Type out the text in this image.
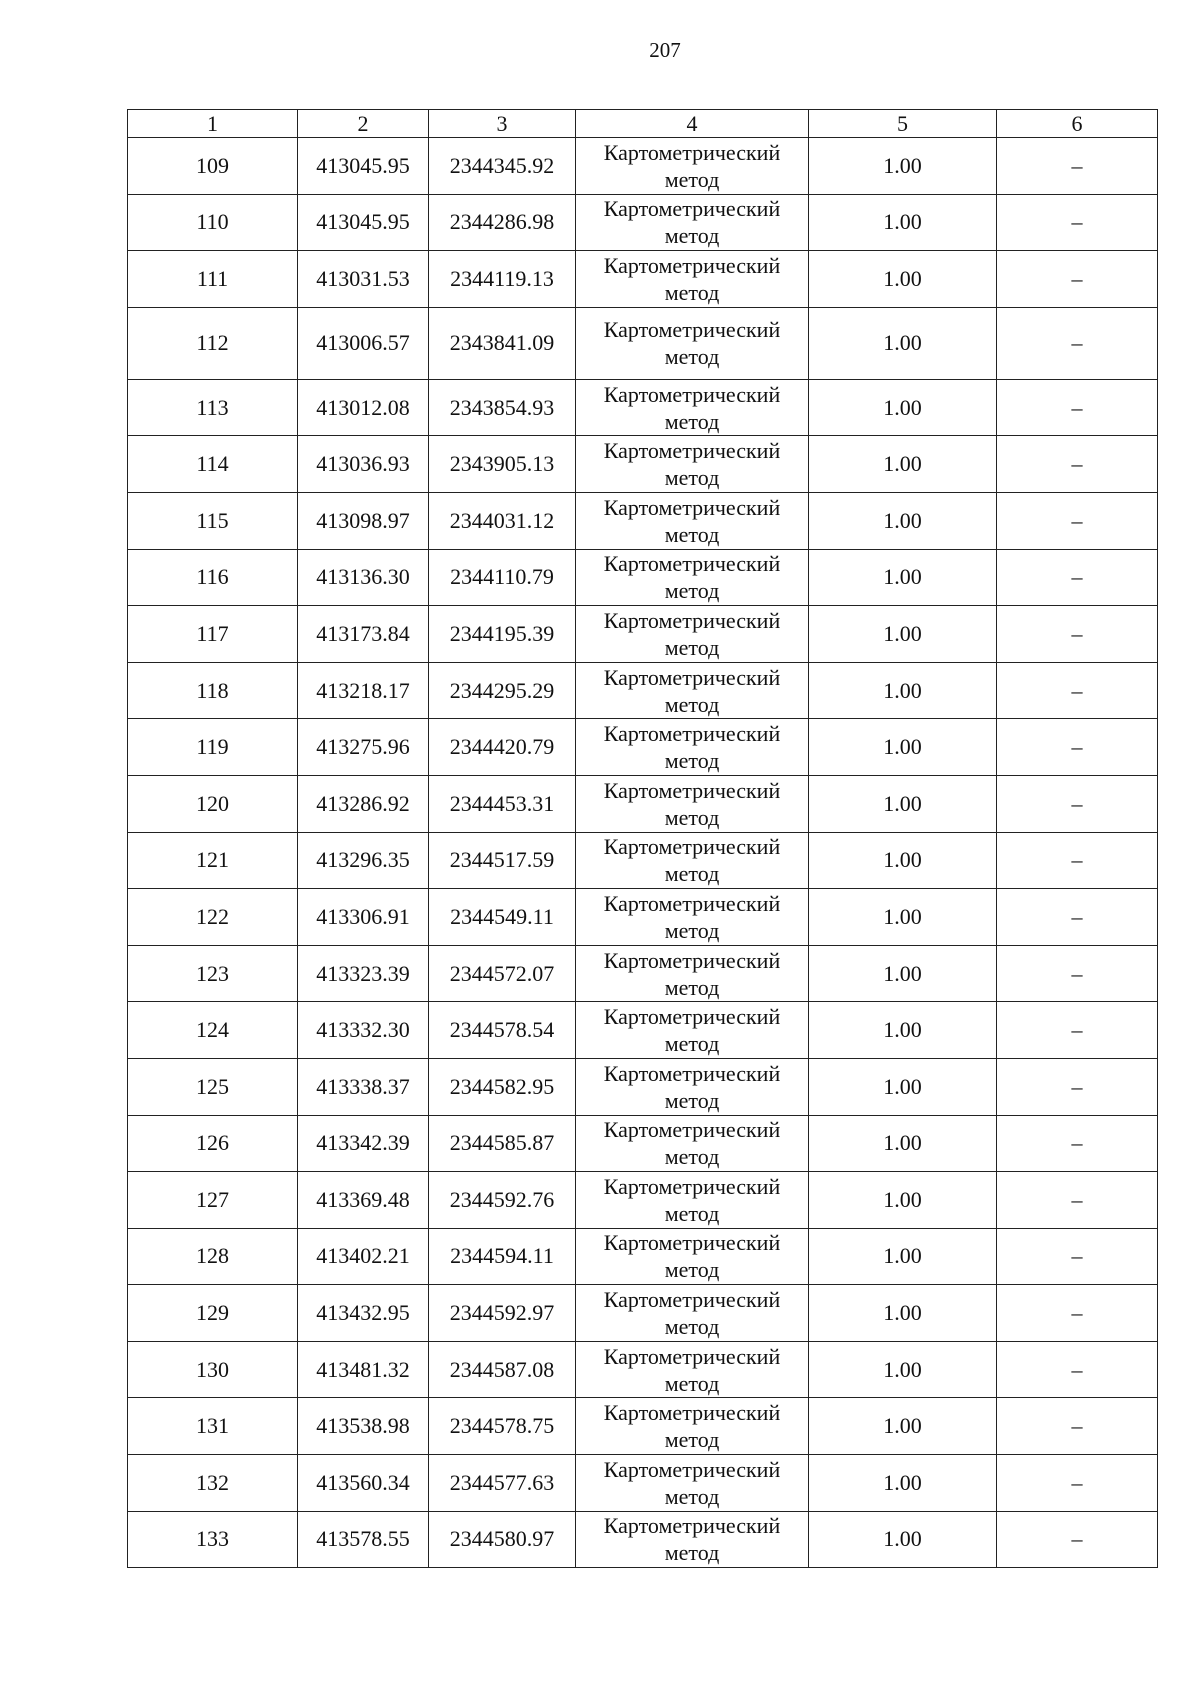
207
1	2	3	4	5	6
109	413045.95	2344345.92	Картометрический метод	1.00	–
110	413045.95	2344286.98	Картометрический метод	1.00	–
111	413031.53	2344119.13	Картометрический метод	1.00	–
112	413006.57	2343841.09	Картометрический метод	1.00	–
113	413012.08	2343854.93	Картометрический метод	1.00	–
114	413036.93	2343905.13	Картометрический метод	1.00	–
115	413098.97	2344031.12	Картометрический метод	1.00	–
116	413136.30	2344110.79	Картометрический метод	1.00	–
117	413173.84	2344195.39	Картометрический метод	1.00	–
118	413218.17	2344295.29	Картометрический метод	1.00	–
119	413275.96	2344420.79	Картометрический метод	1.00	–
120	413286.92	2344453.31	Картометрический метод	1.00	–
121	413296.35	2344517.59	Картометрический метод	1.00	–
122	413306.91	2344549.11	Картометрический метод	1.00	–
123	413323.39	2344572.07	Картометрический метод	1.00	–
124	413332.30	2344578.54	Картометрический метод	1.00	–
125	413338.37	2344582.95	Картометрический метод	1.00	–
126	413342.39	2344585.87	Картометрический метод	1.00	–
127	413369.48	2344592.76	Картометрический метод	1.00	–
128	413402.21	2344594.11	Картометрический метод	1.00	–
129	413432.95	2344592.97	Картометрический метод	1.00	–
130	413481.32	2344587.08	Картометрический метод	1.00	–
131	413538.98	2344578.75	Картометрический метод	1.00	–
132	413560.34	2344577.63	Картометрический метод	1.00	–
133	413578.55	2344580.97	Картометрический метод	1.00	–
